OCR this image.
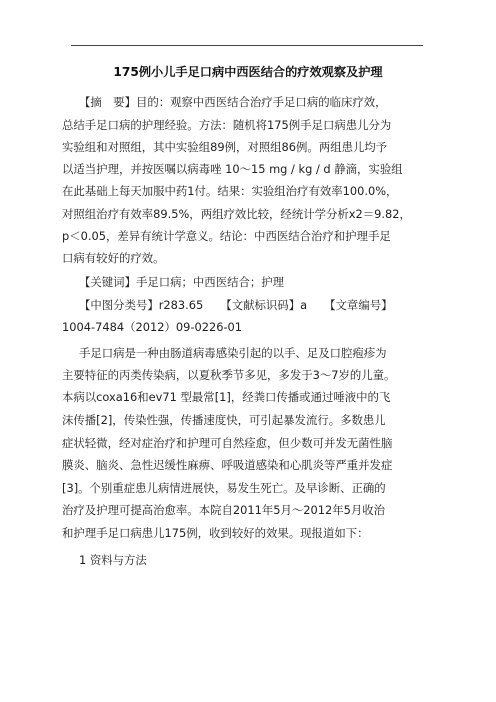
175例小儿手足口病中西医结合的疗效观察及护理
【摘　要】目的：观察中西医结合治疗手足口病的临床疗效，
总结手足口病的护理经验。方法：随机将175例手足口病患儿分为
实验组和对照组，其中实验组89例，对照组86例。两组患儿均予
以适当护理，并按医嘱以病毒唑 10～15 mg / kg / d 静滴，实验组
在此基础上每天加服中药1付。结果：实验组治疗有效率100.0%，
对照组治疗有效率89.5%，两组疗效比较，经统计学分析x2＝9.82，
p＜0.05，差异有统计学意义。结论：中西医结合治疗和护理手足
口病有较好的疗效。
【关键词】手足口病；中西医结合；护理
【中图分类号】r283.65　　【文献标识码】a　　【文章编号】
1004-7484（2012）09-0226-01
手足口病是一种由肠道病毒感染引起的以手、足及口腔疱疹为
主要特征的丙类传染病，以夏秋季节多见，多发于3～7岁的儿童。
本病以coxa16和ev71 型最常[1]，经粪口传播或通过唾液中的飞
沫传播[2]，传染性强，传播速度快，可引起暴发流行。多数患儿
症状轻微，经对症治疗和护理可自然痊愈，但少数可并发无菌性脑
膜炎、脑炎、急性迟缓性麻痹、呼吸道感染和心肌炎等严重并发症
[3]。个别重症患儿病情进展快，易发生死亡。及早诊断、正确的
治疗及护理可提高治愈率。本院自2011年5月～2012年5月收治
和护理手足口病患儿175例，收到较好的效果。现报道如下：
1 资料与方法
